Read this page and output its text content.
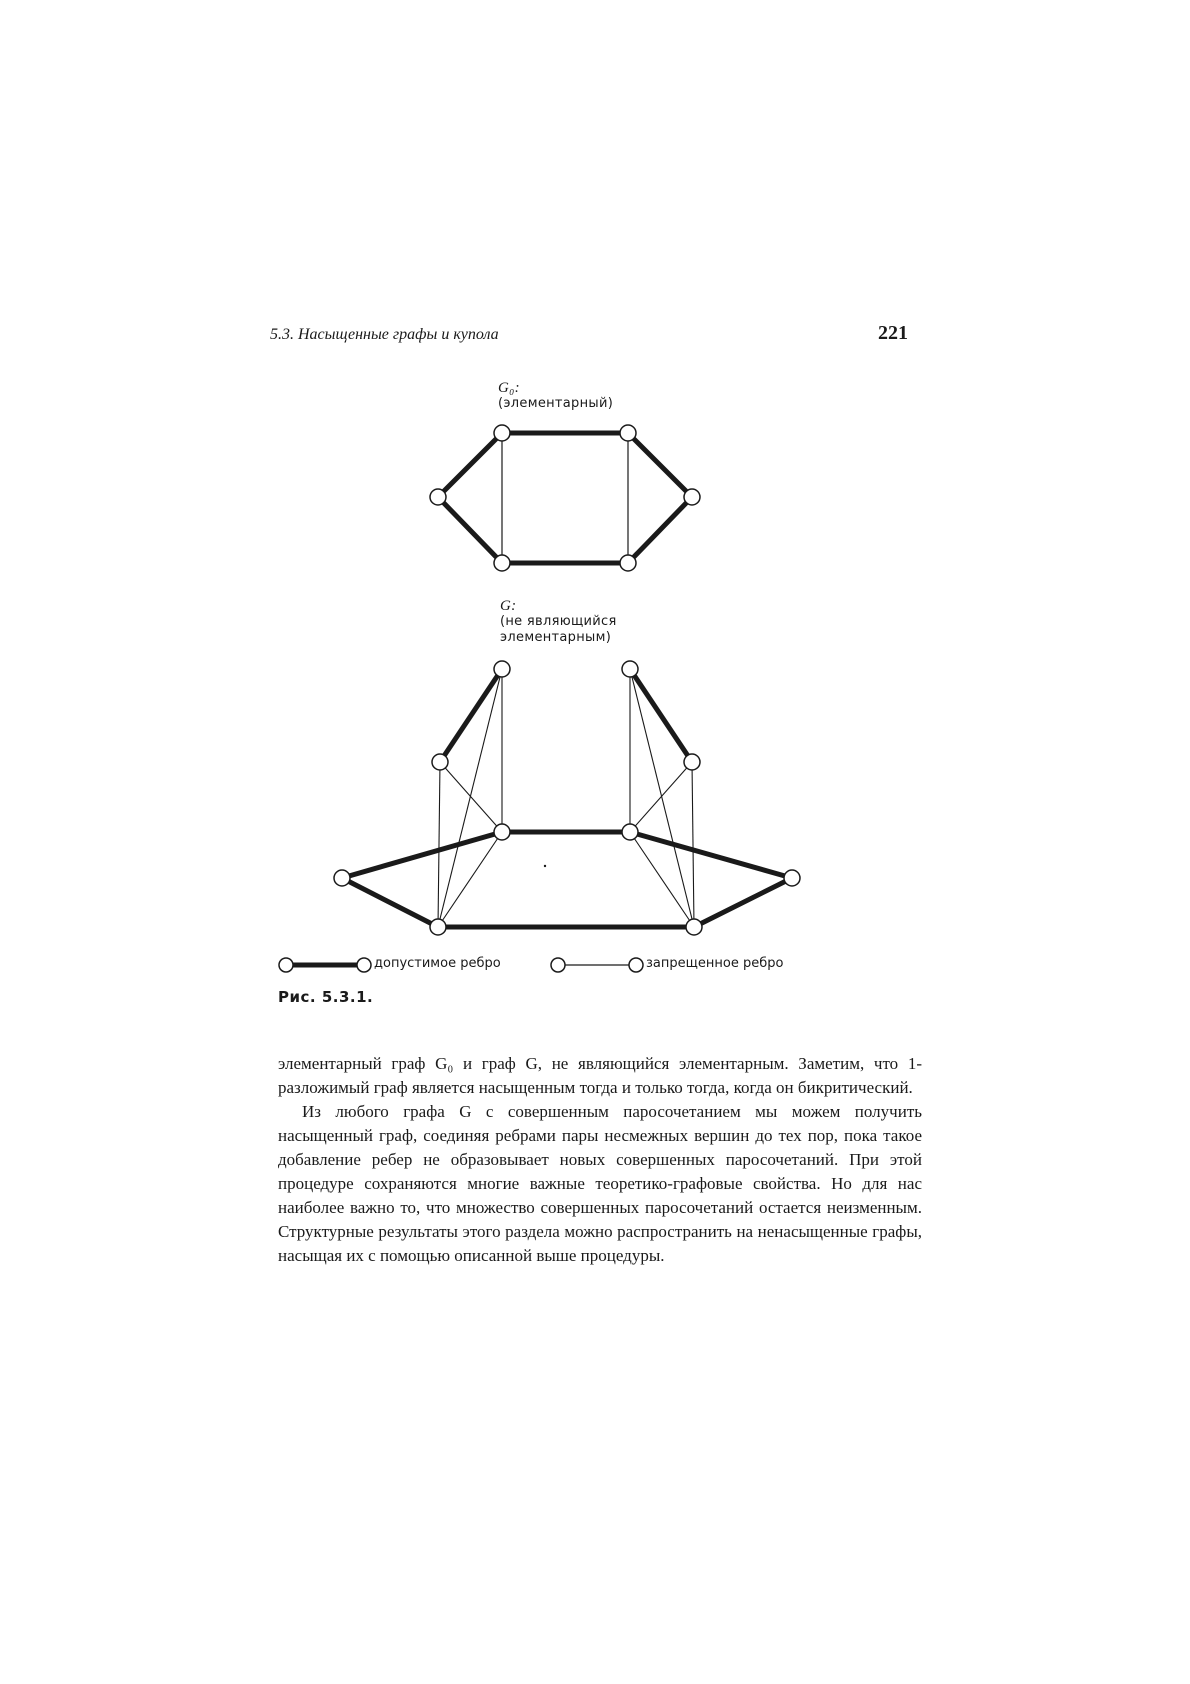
5.3. Насыщенные графы и купола	221
G₀:
(элементарный)
G:
(не являющийся
элементарным)
допустимое ребро	запрещенное ребро
Рис. 5.3.1.

элементарный граф G₀ и граф G, не являющийся элементарным. Заметим, что 1-разложимый граф является насыщенным тогда и только тогда, когда он бикритический.

Из любого графа G с совершенным паросочетанием мы можем получить насыщенный граф, соединяя ребрами пары несмежных вершин до тех пор, пока такое добавление ребер не образовывает новых совершенных паросочетаний. При этой процедуре сохраняются многие важные теоретико-графовые свойства. Но для нас наиболее важно то, что множество совершенных паросочетаний остается неизменным. Структурные результаты этого раздела можно распространить на ненасыщенные графы, насыщая их с помощью описанной выше процедуры.
